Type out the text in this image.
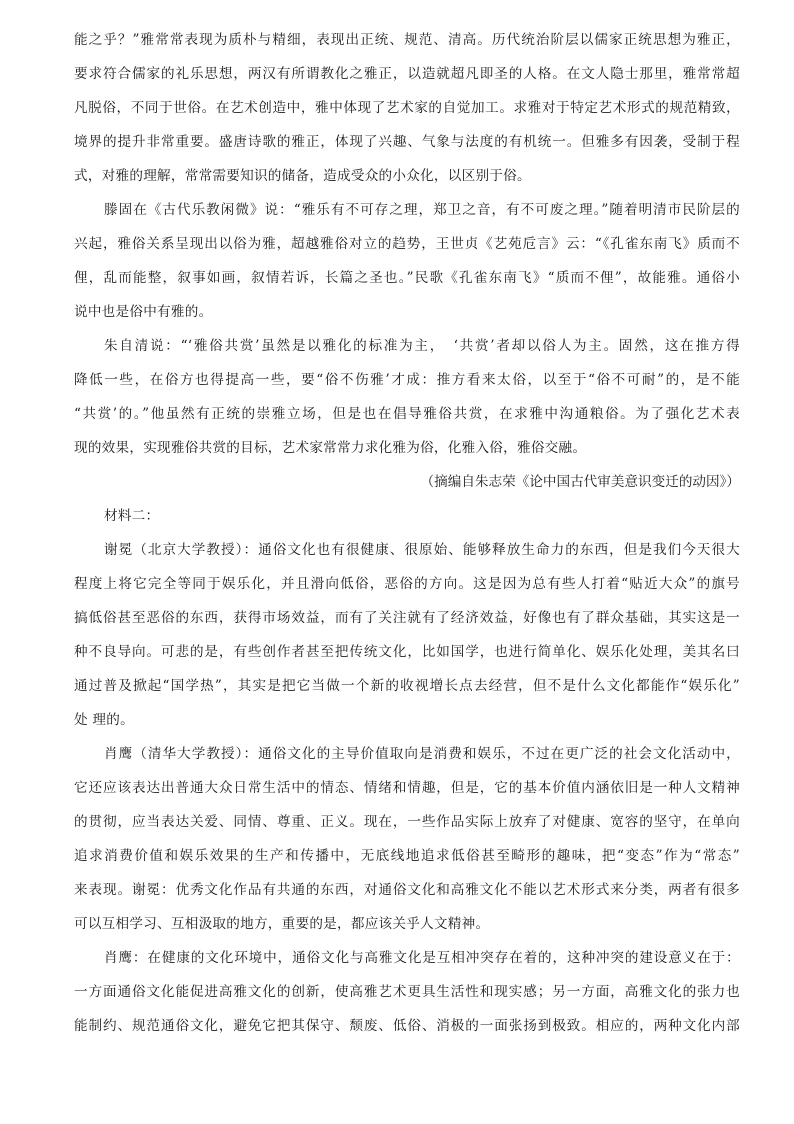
能之乎？”雅常常表现为质朴与精细，表现出正统、规范、清高。历代统治阶层以儒家正统思想为雅正，
要求符合儒家的礼乐思想，两汉有所谓教化之雅正，以造就超凡即圣的人格。在文人隐士那里，雅常常超
凡脱俗，不同于世俗。在艺术创造中，雅中体现了艺术家的自觉加工。求雅对于特定艺术形式的规范精致，
境界的提升非常重要。盛唐诗歌的雅正，体现了兴趣、气象与法度的有机统一。但雅多有因袭，受制于程
式，对雅的理解，常常需要知识的储备，造成受众的小众化，以区别于俗。
滕固在《古代乐教闲微》说：“雅乐有不可存之理，郑卫之音，有不可废之理。”随着明清市民阶层的
兴起，雅俗关系呈现出以俗为雅，超越雅俗对立的趋势，王世贞《艺苑卮言》云：“《孔雀东南飞》质而不
俚，乱而能整，叙事如画，叙情若诉，长篇之圣也。”民歌《孔雀东南飞》“质而不俚”，故能雅。通俗小
说中也是俗中有雅的。
朱自清说：“‘雅俗共赏’虽然是以雅化的标准为主，　‘共赏’者却以俗人为主。固然，这在推方得
降低一些，在俗方也得提高一些，要“俗不伤雅’才成：推方看来太俗，以至于“俗不可耐”的，是不能
“共赏’的。”他虽然有正统的崇雅立场，但是也在倡导雅俗共赏，在求雅中沟通粮俗。为了强化艺术表
现的效果，实现雅俗共赏的目标，艺术家常常力求化雅为俗，化雅入俗，雅俗交融。
（摘编自朱志荣《论中国古代审美意识变迁的动因》）
材料二：
谢冕（北京大学教授）：通俗文化也有很健康、很原始、能够释放生命力的东西，但是我们今天很大
程度上将它完全等同于娱乐化，并且滑向低俗，恶俗的方向。这是因为总有些人打着“贴近大众”的旗号
搞低俗甚至恶俗的东西，获得市场效益，而有了关注就有了经济效益，好像也有了群众基础，其实这是一
种不良导向。可悲的是，有些创作者甚至把传统文化，比如国学，也进行简单化、娱乐化处理，美其名曰
通过普及掀起“国学热”，其实是把它当做一个新的收视增长点去经营，但不是什么文化都能作“娱乐化”
处 理的。
肖鹰（清华大学教授）：通俗文化的主导价值取向是消费和娱乐，不过在更广泛的社会文化活动中，
它还应该表达出普通大众日常生活中的情态、情绪和情趣，但是，它的基本价值内涵依旧是一种人文精神
的贯彻，应当表达关爱、同情、尊重、正义。现在，一些作品实际上放弃了对健康、宽容的坚守，在单向
追求消费价值和娱乐效果的生产和传播中，无底线地追求低俗甚至畸形的趣味，把“变态”作为“常态”
来表现。谢冕：优秀文化作品有共通的东西，对通俗文化和高雅文化不能以艺术形式来分类，两者有很多
可以互相学习、互相汲取的地方，重要的是，都应该关乎人文精神。
肖鹰：在健康的文化环境中，通俗文化与高雅文化是互相冲突存在着的，这种冲突的建设意义在于：
一方面通俗文化能促进高雅文化的创新，使高雅艺术更具生活性和现实感；另一方面，高雅文化的张力也
能制约、规范通俗文化，避免它把其保守、颓废、低俗、消极的一面张扬到极致。相应的，两种文化内部
